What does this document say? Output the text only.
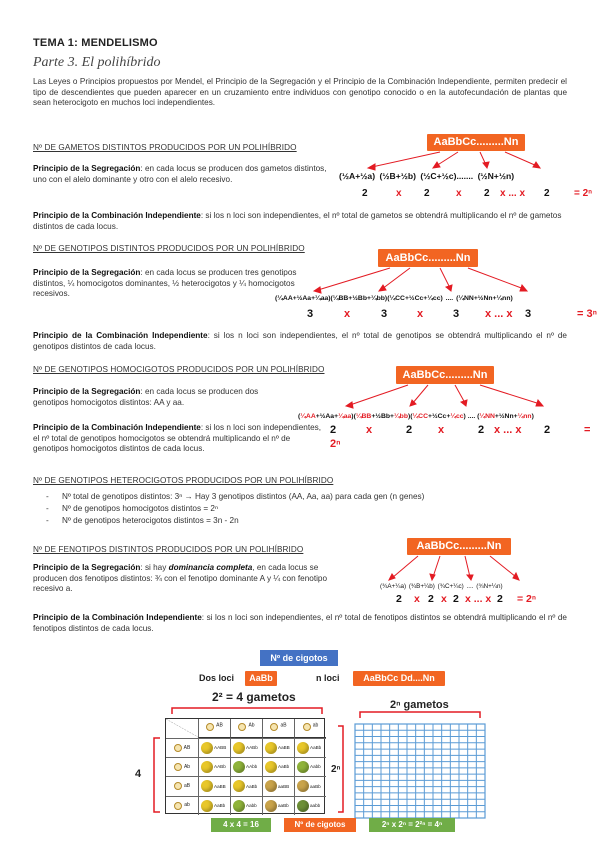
TEMA 1: MENDELISMO
Parte 3. El polihíbrido
Las Leyes o Principios propuestos por Mendel, el Principio de la Segregación y el Principio de la Combinación Independiente, permiten predecir el tipo de descendientes que pueden aparecer en un cruzamiento entre individuos con genotipo conocido o en la autofecundación de plantas que sean heterocigoto en muchos loci independientes.
Nº DE GAMETOS DISTINTOS PRODUCIDOS POR UN POLIHÍBRIDO	AaBbCc.........Nn
Principio de la Segregación: en cada locus se producen dos gametos distintos, uno con el alelo dominante y otro con el alelo recesivo.	(½A+½a) (½B+½b) (½C+½c)....... (½N+½n)
2	x 2	x 2 x ... x 2 = 2ⁿ
Principio de la Combinación Independiente: si los n loci son independientes, el nº total de gametos se obtendrá multiplicando el nº de gametos distintos de cada locus.
Nº DE GENOTIPOS DISTINTOS PRODUCIDOS POR UN POLIHÍBRIDO
AaBbCc.........Nn
Principio de la Segregación: en cada locus se producen tres genotipos distintos, ¼ homocigotos dominantes, ½ heterocigotos y ¼ homocigotos recesivos.
(¼AA+½Aa+¼aa)(¼BB+½Bb+¼bb)(¼CC+½Cc+¼cc) .... (¼NN+½Nn+¼nn)
3	x	3	x	3 x ... x 3	= 3ⁿ
Principio de la Combinación Independiente: si los n loci son independientes, el nº total de genotipos se obtendrá multiplicando el nº de genotipos distintos de cada locus.
Nº DE GENOTIPOS HOMOCIGOTOS PRODUCIDOS POR UN POLIHÍBRIDO	AaBbCc.........Nn
Principio de la Segregación: en cada locus se producen dos genotipos homocigotos distintos: AA y aa.
(¼AA+½Aa+¼aa)(¼BB+½Bb+¼bb)(¼CC+½Cc+¼cc) .... (¼NN+½Nn+¼nn)
2	x	2 x	2 x ... x 2	= 2ⁿ
Principio de la Combinación Independiente: si los n loci son independientes, el nº total de genotipos homocigotos se obtendrá multiplicando el nº de genotipos homocigotos distintos de cada locus.
Nº DE GENOTIPOS HETEROCIGOTOS PRODUCIDOS POR UN POLIHÍBRIDO
- Nº total de genotipos distintos: 3ⁿ → Hay 3 genotipos distintos (AA, Aa, aa) para cada gen (n genes)
- Nº de genotipos homocigotos distintos = 2ⁿ
- Nº de genotipos heterocigotos distintos = 3n - 2n
Nº DE FENOTIPOS DISTINTOS PRODUCIDOS POR UN POLIHÍBRIDO	AaBbCc.........Nn
Principio de la Segregación: si hay dominancia completa, en cada locus se producen dos fenotipos distintos: ¾ con el fenotipo dominante A y ¼ con fenotipo recesivo a.	(¾A+¼a) (¾B+¼b) (¾C+¼c) .... (¾N+¼n)
2 x 2 x 2 x ... x 2 = 2ⁿ
Principio de la Combinación Independiente: si los n loci son independientes, el nº total de fenotipos distintos se obtendrá multiplicando el nº de fenotipos distintos de cada locus.
Nº de cigotos
Dos loci	AaBb	n loci	AaBbCc Dd....Nn
2² = 4 gametos
2ⁿ gametos
4	2ⁿ
AB	Ab	aB	ab
AB	AABB	AABb	AaBB	AaBb
Ab	AABb	AAbb	AaBb	Aabb
aB	AaBB	AaBb	aaBB	aaBb
ab	AaBb	Aabb	aaBb	aabb
4 x 4 = 16	Nº de cigotos	2ⁿ x 2ⁿ = 2²ⁿ = 4ⁿ
